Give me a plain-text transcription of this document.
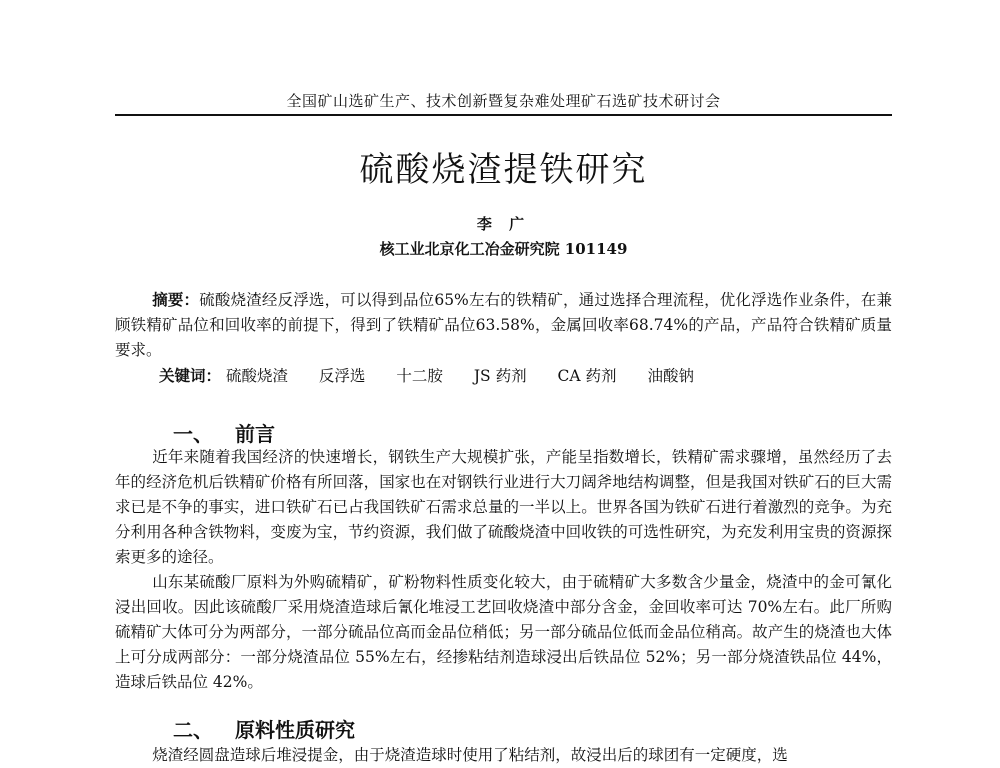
全国矿山选矿生产、技术创新暨复杂难处理矿石选矿技术研讨会
硫酸烧渣提铁研究
李 广
核工业北京化工冶金研究院 101149

摘要：硫酸烧渣经反浮选，可以得到品位65%左右的铁精矿，通过选择合理流程，优化浮选作业条件，在兼顾铁精矿品位和回收率的前提下，得到了铁精矿品位63.58%，金属回收率68.74%的产品，产品符合铁精矿质量要求。

关键词： 硫酸烧渣 反浮选 十二胺 JS 药剂 CA 药剂 油酸钠
一、 前言

近年来随着我国经济的快速增长，钢铁生产大规模扩张，产能呈指数增长，铁精矿需求骤增，虽然经历了去年的经济危机后铁精矿价格有所回落，国家也在对钢铁行业进行大刀阔斧地结构调整，但是我国对铁矿石的巨大需求已是不争的事实，进口铁矿石已占我国铁矿石需求总量的一半以上。世界各国为铁矿石进行着激烈的竞争。为充分利用各种含铁物料，变废为宝，节约资源，我们做了硫酸烧渣中回收铁的可选性研究，为充发利用宝贵的资源探索更多的途径。

山东某硫酸厂原料为外购硫精矿，矿粉物料性质变化较大，由于硫精矿大多数含少量金，烧渣中的金可氰化浸出回收。因此该硫酸厂采用烧渣造球后氰化堆浸工艺回收烧渣中部分含金，金回收率可达 70%左右。此厂所购硫精矿大体可分为两部分，一部分硫品位高而金品位稍低；另一部分硫品位低而金品位稍高。故产生的烧渣也大体上可分成两部分：一部分烧渣品位 55%左右，经掺粘结剂造球浸出后铁品位 52%；另一部分烧渣铁品位 44%，造球后铁品位 42%。

二、 原料性质研究

烧渣经圆盘造球后堆浸提金，由于烧渣造球时使用了粘结剂，故浸出后的球团有一定硬度，选
